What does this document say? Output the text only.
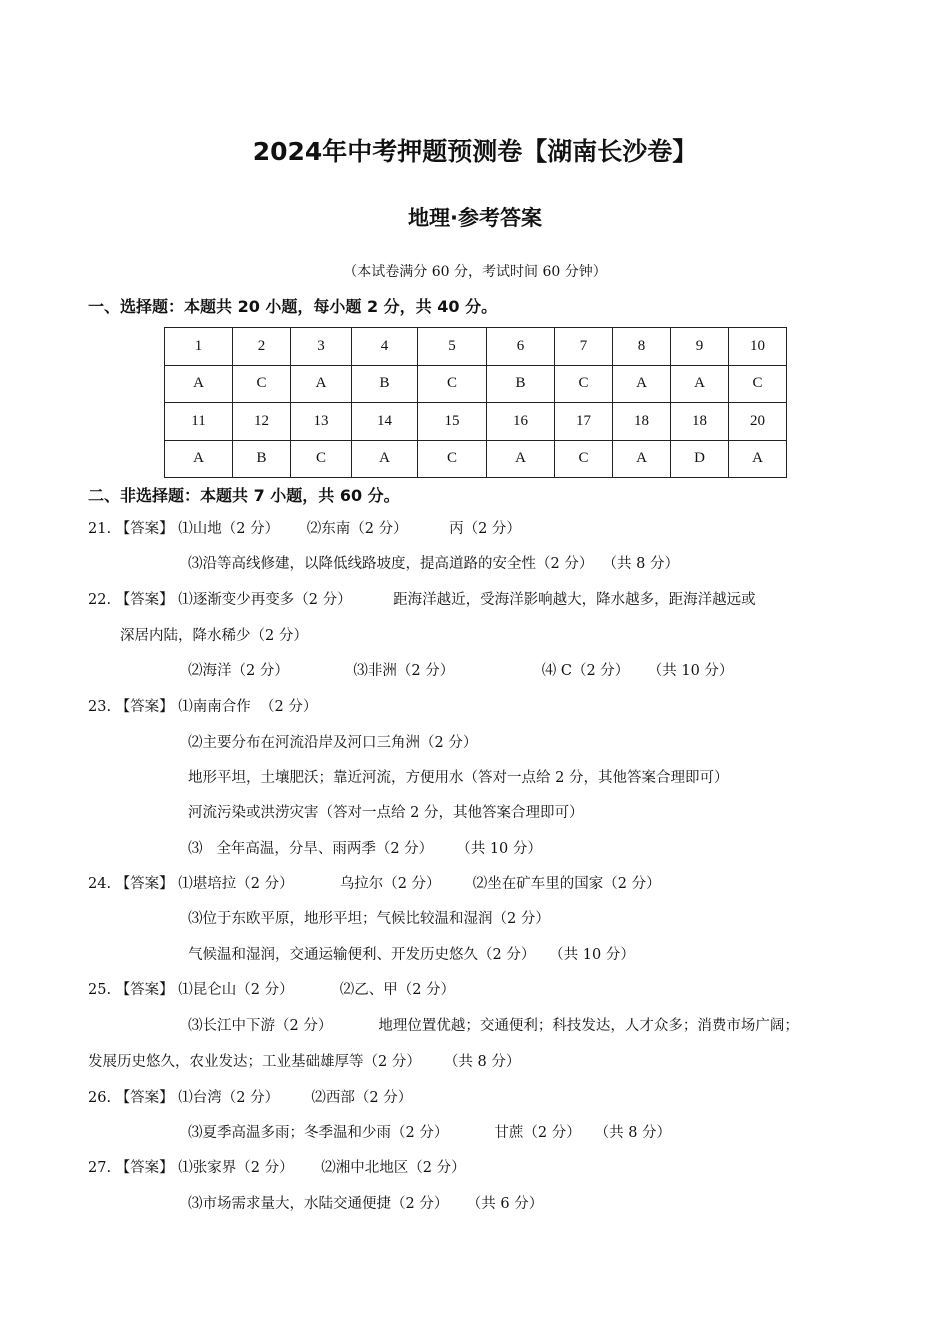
2024年中考押题预测卷【湖南长沙卷】
地理·参考答案
（本试卷满分 60 分，考试时间 60 分钟）
一、选择题：本题共 20 小题，每小题 2 分，共 40 分。
1	2	3	4	5	6	7	8	9	10
A	C	A	B	C	B	C	A	A	C
11	12	13	14	15	16	17	18	18	20
A	B	C	A	C	A	C	A	D	A
二、非选择题：本题共 7 小题，共 60 分。
21. 【答案】 ⑴山地（2 分）      ⑵东南（2 分）         丙（2 分）
⑶沿等高线修建，以降低线路坡度，提高道路的安全性（2 分）  （共 8 分）
22. 【答案】 ⑴逐渐变少再变多（2 分）         距海洋越近，受海洋影响越大，降水越多，距海洋越远或
深居内陆，降水稀少（2 分）
⑵海洋（2 分）              ⑶非洲（2 分）                   ⑷ C（2 分）    （共 10 分）
23. 【答案】 ⑴南南合作  （2 分）
⑵主要分布在河流沿岸及河口三角洲（2 分）
地形平坦，土壤肥沃；靠近河流，方便用水（答对一点给 2 分，其他答案合理即可）
河流污染或洪涝灾害（答对一点给 2 分，其他答案合理即可）
⑶   全年高温，分旱、雨两季（2 分）     （共 10 分）
24. 【答案】 ⑴堪培拉（2 分）          乌拉尔（2 分）       ⑵坐在矿车里的国家（2 分）
⑶位于东欧平原，地形平坦；气候比较温和湿润（2 分）
气候温和湿润，交通运输便利、开发历史悠久（2 分）   （共 10 分）
25. 【答案】 ⑴昆仑山（2 分）          ⑵乙、甲（2 分）
⑶长江中下游（2 分）          地理位置优越；交通便利；科技发达，人才众多；消费市场广阔；
发展历史悠久，农业发达；工业基础雄厚等（2 分）     （共 8 分）
26. 【答案】 ⑴台湾（2 分）       ⑵西部（2 分）
⑶夏季高温多雨；冬季温和少雨（2 分）          甘蔗（2 分）   （共 8 分）
27. 【答案】 ⑴张家界（2 分）      ⑵湘中北地区（2 分）
⑶市场需求量大，水陆交通便捷（2 分）    （共 6 分）
